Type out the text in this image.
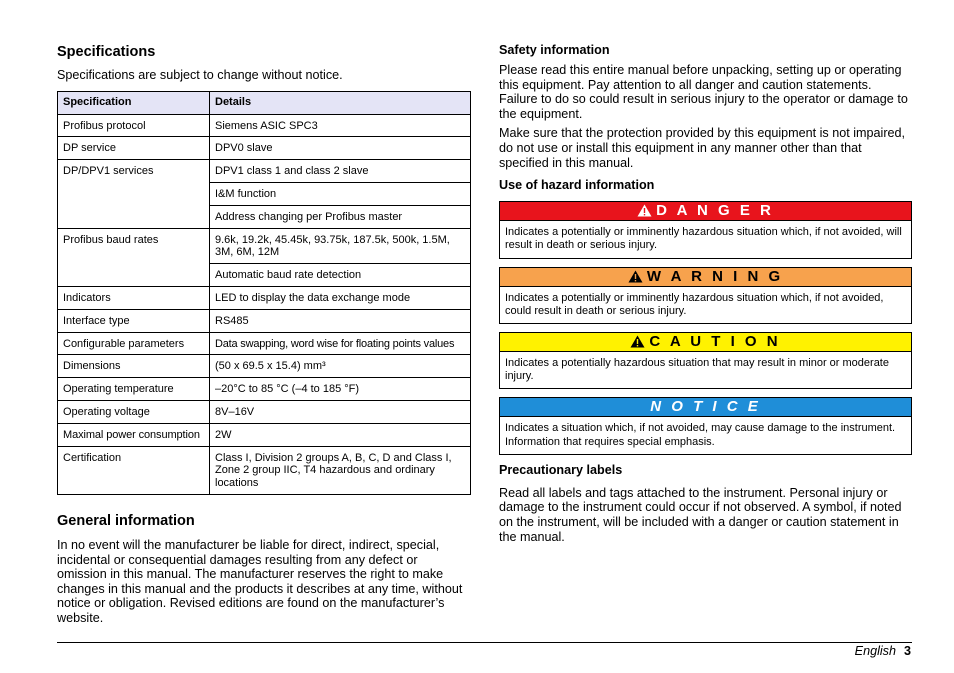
Specifications

Specifications are subject to change without notice.

Specification	Details
Profibus protocol	Siemens ASIC SPC3
DP service	DPV0 slave
DP/DPV1 services	DPV1 class 1 and class 2 slave
	I&M function
	Address changing per Profibus master
Profibus baud rates	9.6k, 19.2k, 45.45k, 93.75k, 187.5k, 500k, 1.5M, 3M, 6M, 12M
	Automatic baud rate detection
Indicators	LED to display the data exchange mode
Interface type	RS485
Configurable parameters	Data swapping, word wise for floating points values
Dimensions	(50 x 69.5 x 15.4) mm³
Operating temperature	–20°C to 85 °C (–4 to 185 °F)
Operating voltage	8V–16V
Maximal power consumption	2W
Certification	Class I, Division 2 groups A, B, C, D and Class I, Zone 2 group IIC, T4 hazardous and ordinary locations
General information

In no event will the manufacturer be liable for direct, indirect, special, incidental or consequential damages resulting from any defect or omission in this manual. The manufacturer reserves the right to make changes in this manual and the products it describes at any time, without notice or obligation. Revised editions are found on the manufacturer’s website.

Safety information

Please read this entire manual before unpacking, setting up or operating this equipment. Pay attention to all danger and caution statements. Failure to do so could result in serious injury to the operator or damage to the equipment.

Make sure that the protection provided by this equipment is not impaired, do not use or install this equipment in any manner other than that specified in this manual.

Use of hazard information
D A N G E R
Indicates a potentially or imminently hazardous situation which, if not avoided, will result in death or serious injury.
W A R N I N G
Indicates a potentially or imminently hazardous situation which, if not avoided, could result in death or serious injury.
C A U T I O N
Indicates a potentially hazardous situation that may result in minor or moderate injury.
N O T I C E
Indicates a situation which, if not avoided, may cause damage to the instrument. Information that requires special emphasis.
Precautionary labels

Read all labels and tags attached to the instrument. Personal injury or damage to the instrument could occur if not observed. A symbol, if noted on the instrument, will be included with a danger or caution statement in the manual.

English 3
